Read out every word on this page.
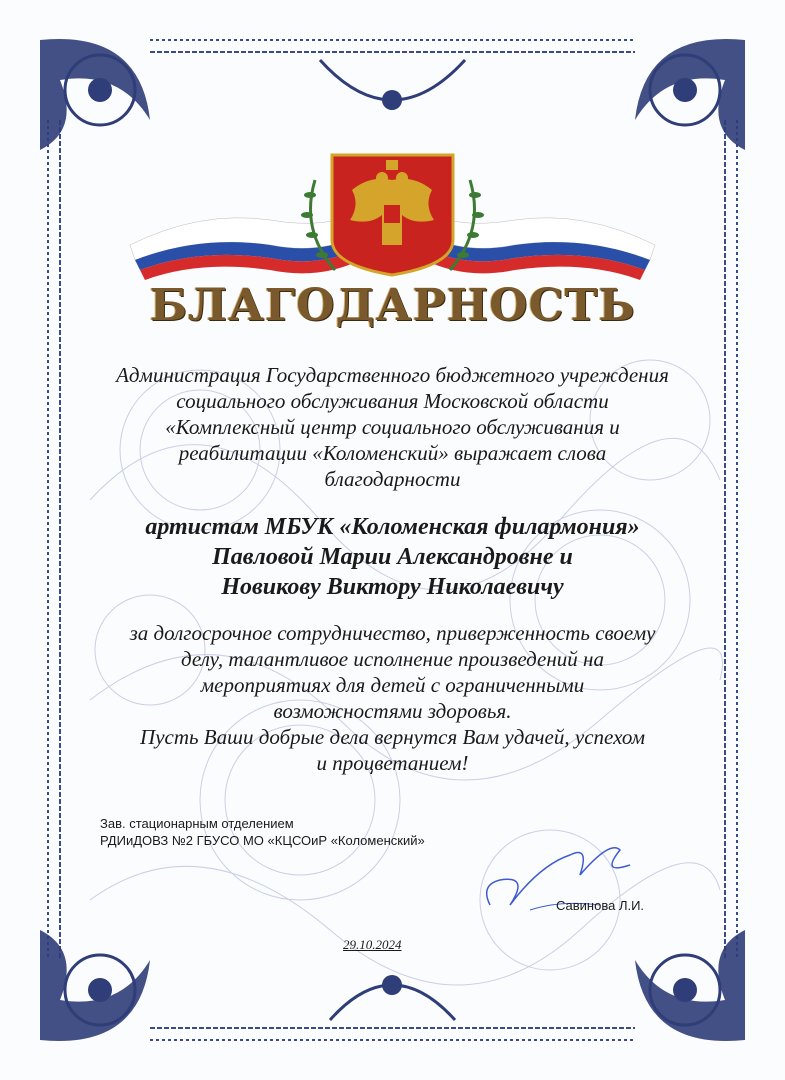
БЛАГОДАРНОСТЬ
Администрация Государственного бюджетного учреждения
социального обслуживания Московской области
«Комплексный центр социального обслуживания и
реабилитации «Коломенский» выражает слова
благодарности
артистам МБУК «Коломенская филармония»
Павловой Марии Александровне и
Новикову Виктору Николаевичу
за долгосрочное сотрудничество, приверженность своему
делу, талантливое исполнение произведений на
мероприятиях для детей с ограниченными
возможностями здоровья.
Пусть Ваши добрые дела вернутся Вам удачей, успехом
и процветанием!
Зав. стационарным отделением
РДИиДОВЗ №2 ГБУСО МО «КЦСОиР «Коломенский»
Савинова Л.И.
29.10.2024
